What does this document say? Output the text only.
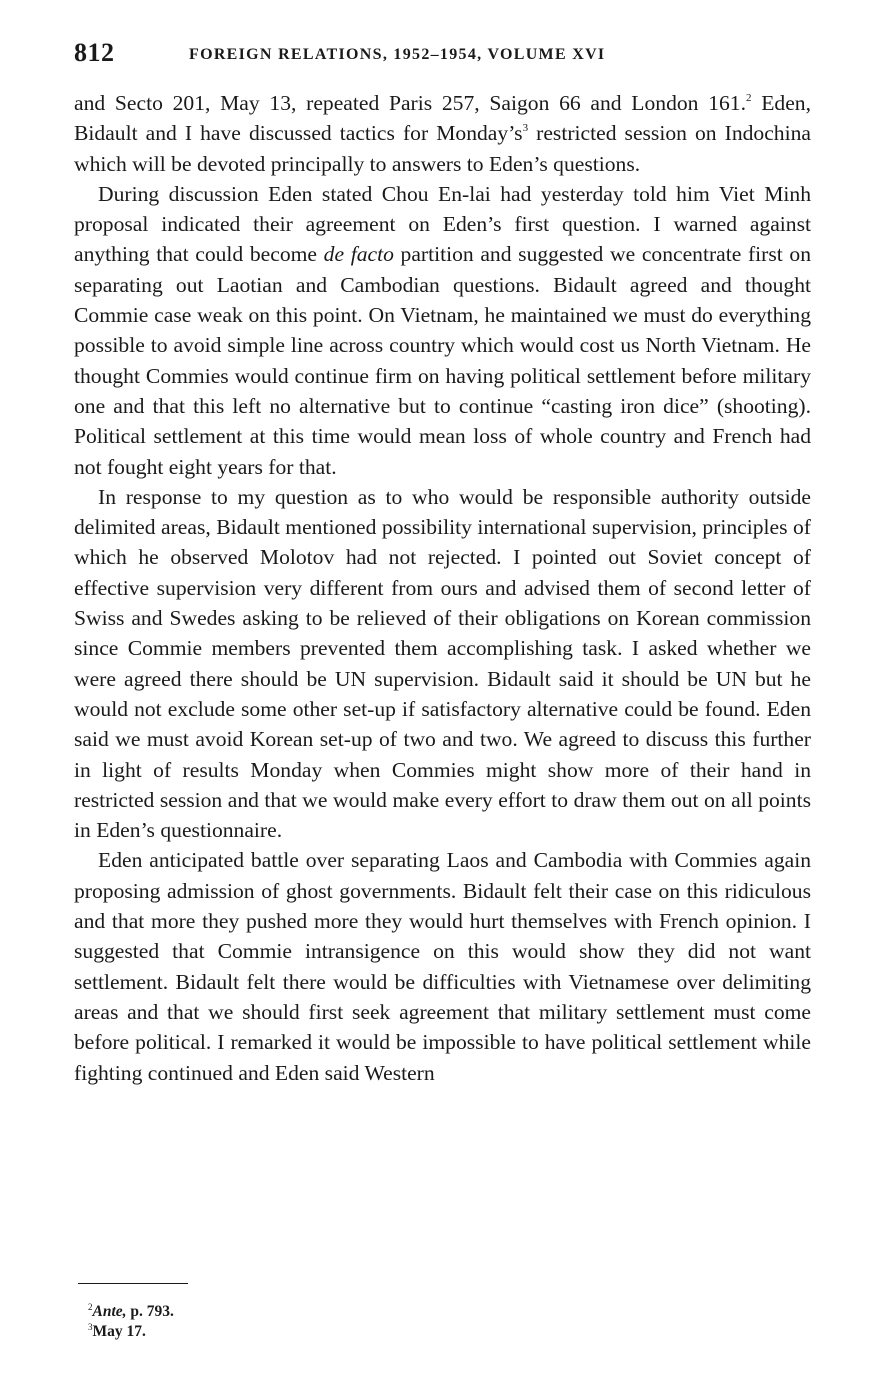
812	FOREIGN RELATIONS, 1952–1954, VOLUME XVI

and Secto 201, May 13, repeated Paris 257, Saigon 66 and London 161.$^2$ Eden, Bidault and I have discussed tactics for $Monday’s^3$ restricted session on Indochina which will be devoted principally to answers to Eden’s questions.

During discussion Eden stated Chou En-lai had yesterday told him Viet Minh proposal indicated their agreement on Eden’s first question. I warned against anything that could become de facto partition and suggested we concentrate first on separating out Laotian and Cambodian questions. Bidault agreed and thought Commie case weak on this point. On Vietnam, he maintained we must do everything possible to avoid simple line across country which would cost us North Vietnam. He thought Commies would continue firm on having political settlement before military one and that this left no alternative but to continue “casting iron dice” (shooting). Political settlement at this time would mean loss of whole country and French had not fought eight years for that.

In response to my question as to who would be responsible authority outside delimited areas, Bidault mentioned possibility international supervision, principles of which he observed Molotov had not rejected. I pointed out Soviet concept of effective supervision very different from ours and advised them of second letter of Swiss and Swedes asking to be relieved of their obligations on Korean commission since Commie members prevented them accomplishing task. I asked whether we were agreed there should be UN supervision. Bidault said it should be UN but he would not exclude some other set-up if satisfactory alternative could be found. Eden said we must avoid Korean set-up of two and two. We agreed to discuss this further in light of results Monday when Commies might show more of their hand in restricted session and that we would make every effort to draw them out on all points in Eden’s questionnaire.

Eden anticipated battle over separating Laos and Cambodia with Commies again proposing admission of ghost governments. Bidault felt their case on this ridiculous and that more they pushed more they would hurt themselves with French opinion. I suggested that Commie intransigence on this would show they did not want settlement. Bidault felt there would be difficulties with Vietnamese over delimiting areas and that we should first seek agreement that military settlement must come before political. I remarked it would be impossible to have political settlement while fighting continued and Eden said Western

$^2$Ante, p. 793.
$^3$May 17.
